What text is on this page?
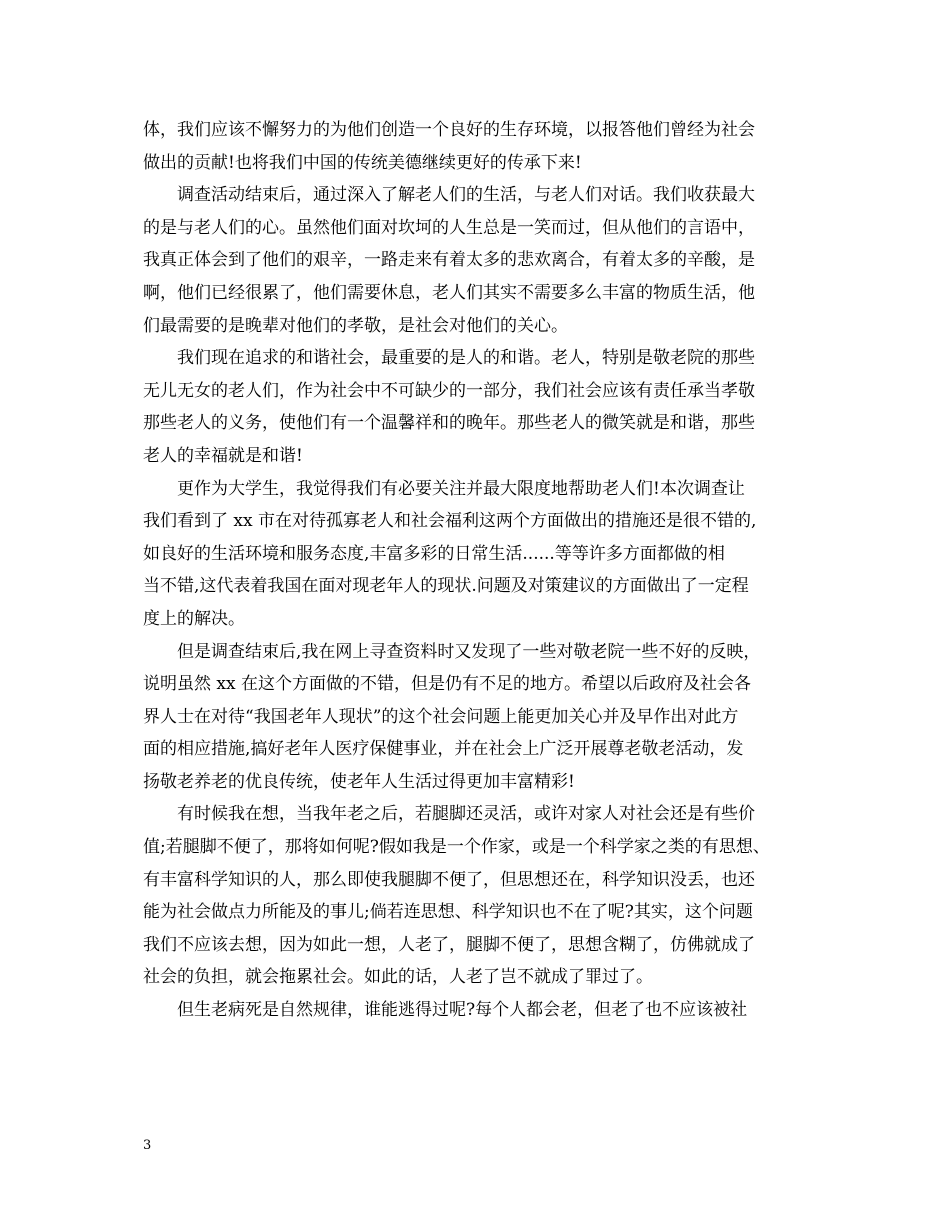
体，我们应该不懈努力的为他们创造一个良好的生存环境，以报答他们曾经为社会
做出的贡献!也将我们中国的传统美德继续更好的传承下来!

调查活动结束后，通过深入了解老人们的生活，与老人们对话。我们收获最大
的是与老人们的心。虽然他们面对坎坷的人生总是一笑而过，但从他们的言语中，
我真正体会到了他们的艰辛，一路走来有着太多的悲欢离合，有着太多的辛酸，是
啊，他们已经很累了，他们需要休息，老人们其实不需要多么丰富的物质生活，他
们最需要的是晚辈对他们的孝敬，是社会对他们的关心。

我们现在追求的和谐社会，最重要的是人的和谐。老人，特别是敬老院的那些
无儿无女的老人们，作为社会中不可缺少的一部分，我们社会应该有责任承当孝敬
那些老人的义务，使他们有一个温馨祥和的晚年。那些老人的微笑就是和谐，那些
老人的幸福就是和谐!

更作为大学生，我觉得我们有必要关注并最大限度地帮助老人们!本次调查让
我们看到了 xx 市在对待孤寡老人和社会福利这两个方面做出的措施还是很不错的,
如良好的生活环境和服务态度,丰富多彩的日常生活......等等许多方面都做的相
当不错,这代表着我国在面对现老年人的现状.问题及对策建议的方面做出了一定程
度上的解决。

但是调查结束后,我在网上寻查资料时又发现了一些对敬老院一些不好的反映，
说明虽然 xx 在这个方面做的不错，但是仍有不足的地方。希望以后政府及社会各
界人士在对待“我国老年人现状”的这个社会问题上能更加关心并及早作出对此方
面的相应措施,搞好老年人医疗保健事业，并在社会上广泛开展尊老敬老活动，发
扬敬老养老的优良传统，使老年人生活过得更加丰富精彩!

有时候我在想，当我年老之后，若腿脚还灵活，或许对家人对社会还是有些价
值;若腿脚不便了，那将如何呢?假如我是一个作家，或是一个科学家之类的有思想、
有丰富科学知识的人，那么即使我腿脚不便了，但思想还在，科学知识没丢，也还
能为社会做点力所能及的事儿;倘若连思想、科学知识也不在了呢?其实，这个问题
我们不应该去想，因为如此一想，人老了，腿脚不便了，思想含糊了，仿佛就成了
社会的负担，就会拖累社会。如此的话，人老了岂不就成了罪过了。

但生老病死是自然规律，谁能逃得过呢?每个人都会老，但老了也不应该被社

3
